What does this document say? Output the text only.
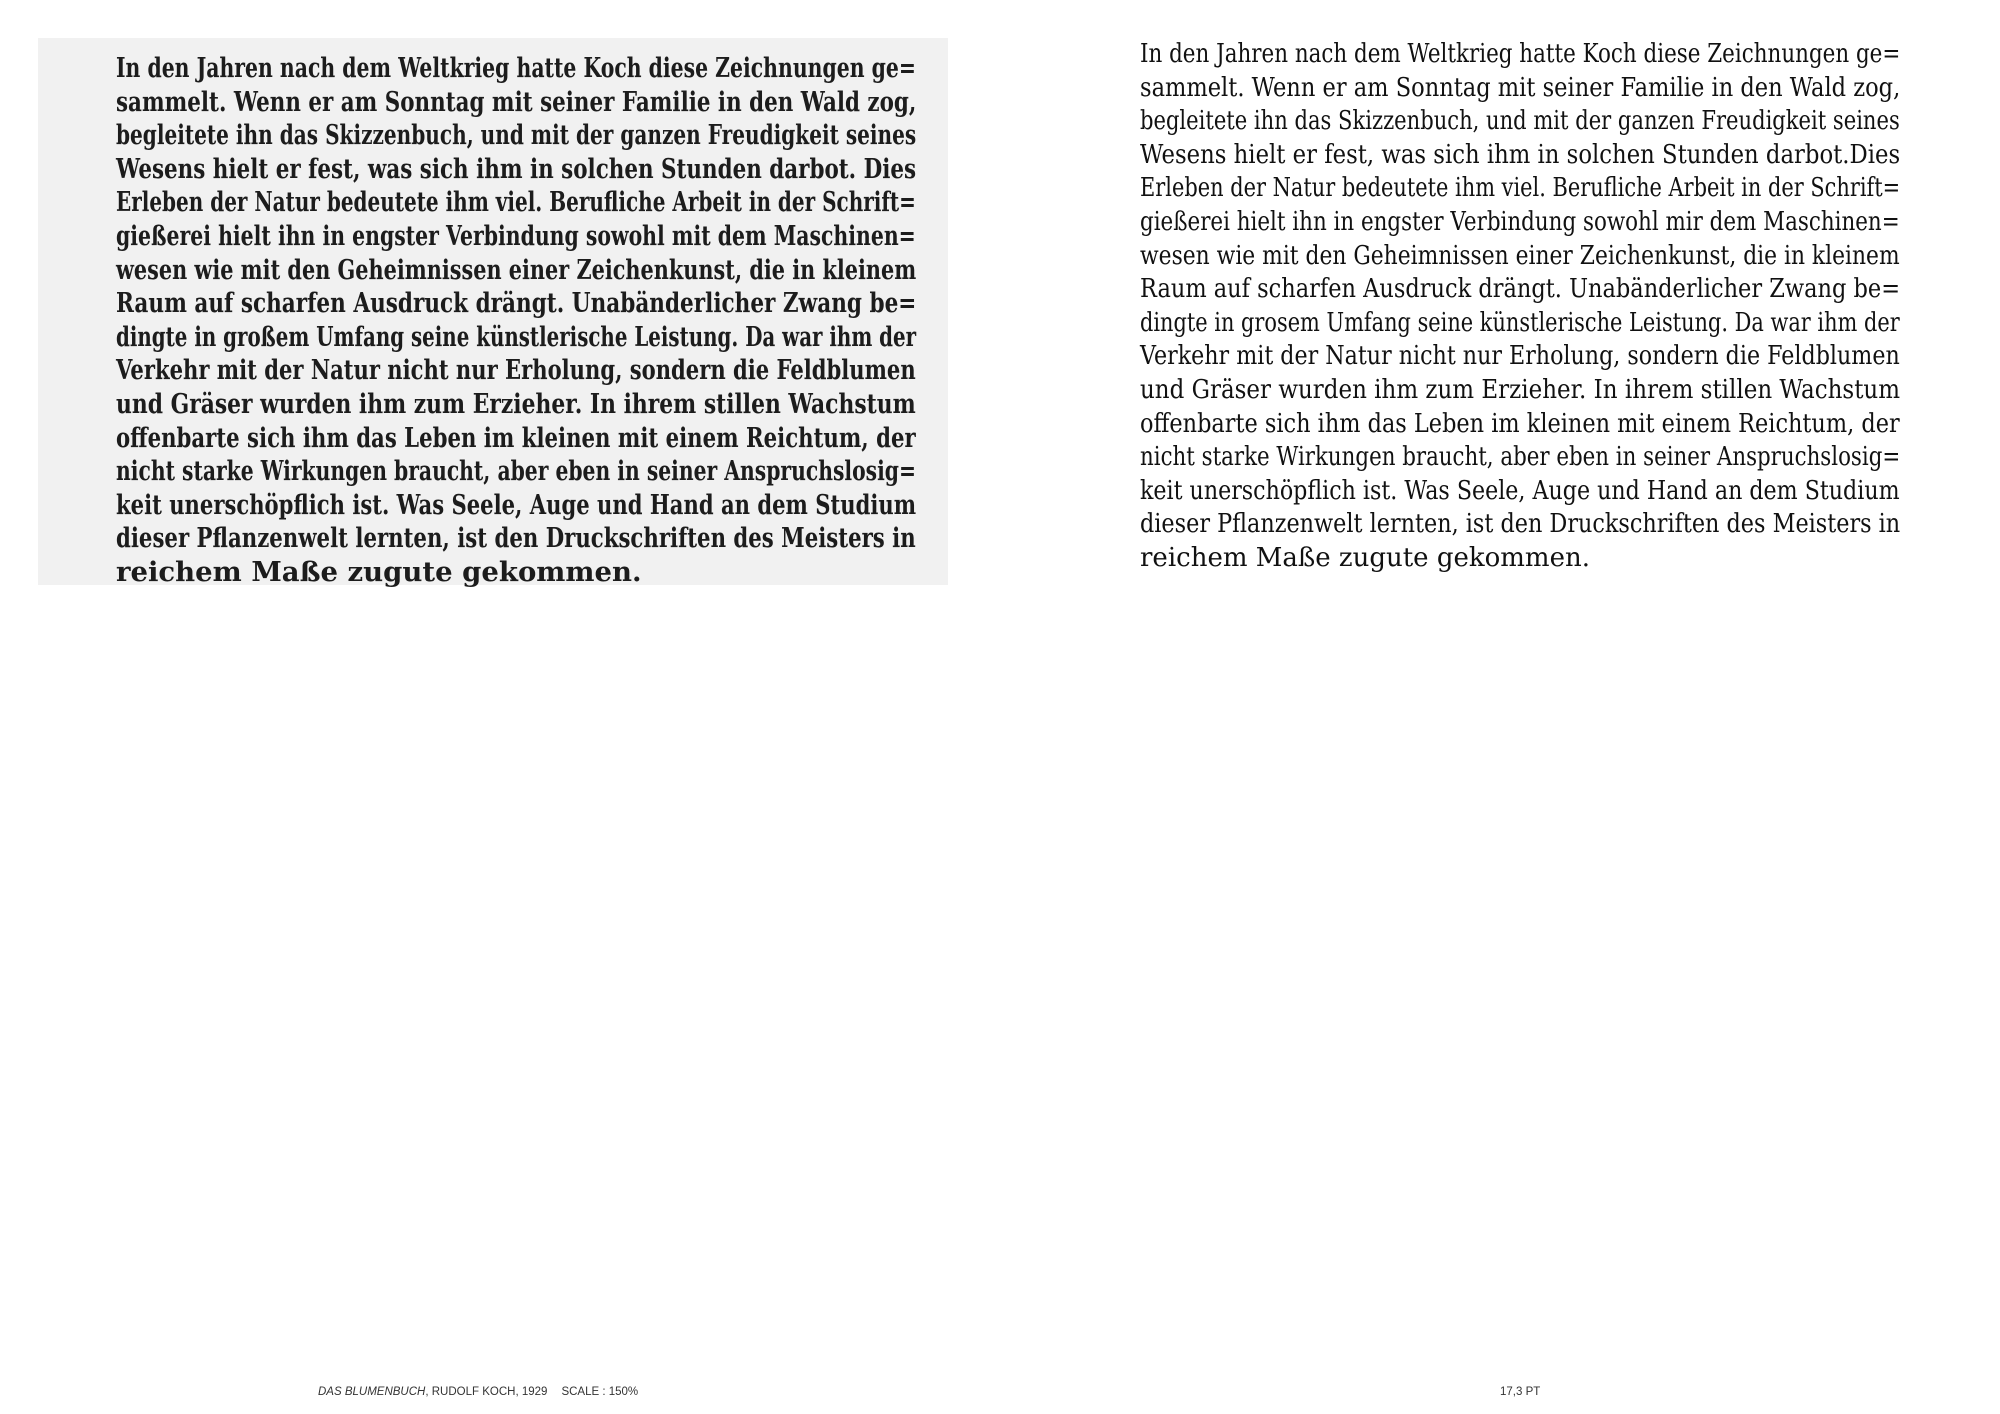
In den Jahren nach dem Weltkrieg hatte Koch diese Zeichnungen ge=
sammelt. Wenn er am Sonntag mit seiner Familie in den Wald zog,
begleitete ihn das Skizzenbuch, und mit der ganzen Freudigkeit seines
Wesens hielt er fest, was sich ihm in solchen Stunden darbot. Dies
Erleben der Natur bedeutete ihm viel. Berufliche Arbeit in der Schrift=
gießerei hielt ihn in engster Verbindung sowohl mit dem Maschinen=
wesen wie mit den Geheimnissen einer Zeichenkunst, die in kleinem
Raum auf scharfen Ausdruck drängt. Unabänderlicher Zwang be=
dingte in großem Umfang seine künstlerische Leistung. Da war ihm der
Verkehr mit der Natur nicht nur Erholung, sondern die Feldblumen
und Gräser wurden ihm zum Erzieher. In ihrem stillen Wachstum
offenbarte sich ihm das Leben im kleinen mit einem Reichtum, der
nicht starke Wirkungen braucht, aber eben in seiner Anspruchslosig=
keit unerschöpflich ist. Was Seele, Auge und Hand an dem Studium
dieser Pflanzenwelt lernten, ist den Druckschriften des Meisters in
reichem Maße zugute gekommen.
In den Jahren nach dem Weltkrieg hatte Koch diese Zeichnungen ge=
sammelt. Wenn er am Sonntag mit seiner Familie in den Wald zog,
begleitete ihn das Skizzenbuch, und mit der ganzen Freudigkeit seines
Wesens hielt er fest, was sich ihm in solchen Stunden darbot.Dies
Erleben der Natur bedeutete ihm viel. Berufliche Arbeit in der Schrift=
gießerei hielt ihn in engster Verbindung sowohl mir dem Maschinen=
wesen wie mit den Geheimnissen einer Zeichenkunst, die in kleinem
Raum auf scharfen Ausdruck drängt. Unabänderlicher Zwang be=
dingte in grosem Umfang seine künstlerische Leistung. Da war ihm der
Verkehr mit der Natur nicht nur Erholung, sondern die Feldblumen
und Gräser wurden ihm zum Erzieher. In ihrem stillen Wachstum
offenbarte sich ihm das Leben im kleinen mit einem Reichtum, der
nicht starke Wirkungen braucht, aber eben in seiner Anspruchslosig=
keit unerschöpflich ist. Was Seele, Auge und Hand an dem Studium
dieser Pflanzenwelt lernten, ist den Druckschriften des Meisters in
reichem Maße zugute gekommen.
DAS BLUMENBUCH, RUDOLF KOCH, 1929 SCALE : 150%	17,3 PT
